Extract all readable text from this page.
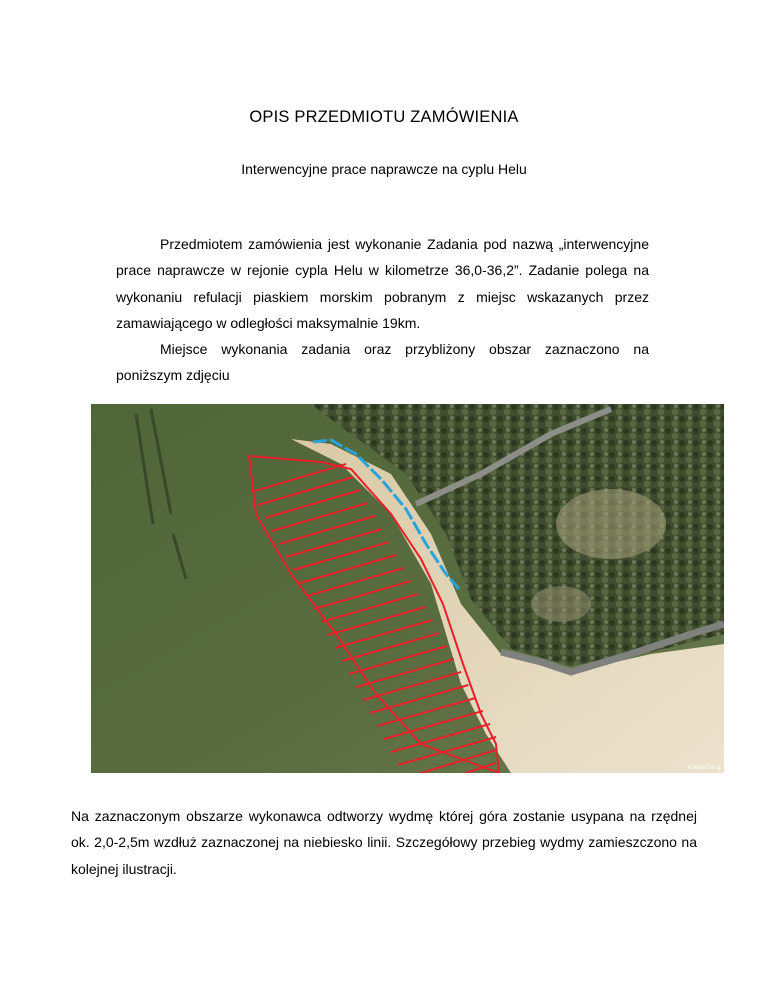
OPIS PRZEDMIOTU ZAMÓWIENIA
Interwencyjne prace naprawcze na cyplu Helu

Przedmiotem zamówienia jest wykonanie Zadania pod nazwą „interwencyjne prace naprawcze w rejonie cypla Helu w kilometrze 36,0-36,2”. Zadanie polega na wykonaniu refulacji piaskiem morskim pobranym z miejsc wskazanych przez zamawiającego w odległości maksymalnie 19km.

Miejsce wykonania zadania oraz przybliżony obszar zaznaczono na poniższym zdjęciu

POWERED BY ◆

Na zaznaczonym obszarze wykonawca odtworzy wydmę której góra zostanie usypana na rzędnej ok. 2,0-2,5m wzdłuż zaznaczonej na niebiesko linii. Szczegółowy przebieg wydmy zamieszczono na kolejnej ilustracji.
